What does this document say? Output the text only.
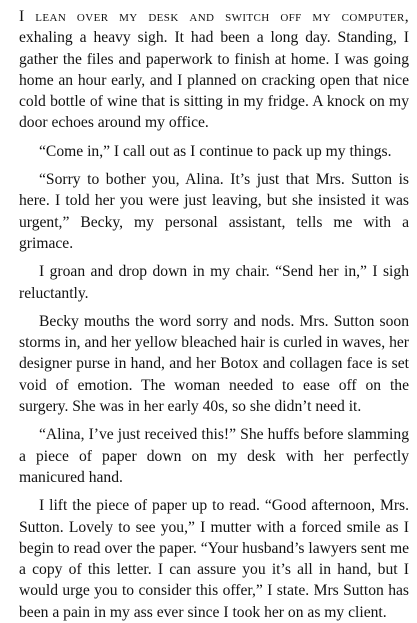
I lean over my desk and switch off my computer, exhaling a heavy sigh. It had been a long day. Standing, I gather the files and paperwork to finish at home. I was going home an hour early, and I planned on cracking open that nice cold bottle of wine that is sitting in my fridge. A knock on my door echoes around my office.

“Come in,” I call out as I continue to pack up my things.

“Sorry to bother you, Alina. It’s just that Mrs. Sutton is here. I told her you were just leaving, but she insisted it was urgent,” Becky, my personal assistant, tells me with a grimace.

I groan and drop down in my chair. “Send her in,” I sigh reluctantly.

Becky mouths the word sorry and nods. Mrs. Sutton soon storms in, and her yellow bleached hair is curled in waves, her designer purse in hand, and her Botox and collagen face is set void of emotion. The woman needed to ease off on the surgery. She was in her early 40s, so she didn’t need it.

“Alina, I’ve just received this!” She huffs before slamming a piece of paper down on my desk with her perfectly manicured hand.

I lift the piece of paper up to read. “Good afternoon, Mrs. Sutton. Lovely to see you,” I mutter with a forced smile as I begin to read over the paper. “Your husband’s lawyers sent me a copy of this letter. I can assure you it’s all in hand, but I would urge you to consider this offer,” I state. Mrs Sutton has been a pain in my ass ever since I took her on as my client.
